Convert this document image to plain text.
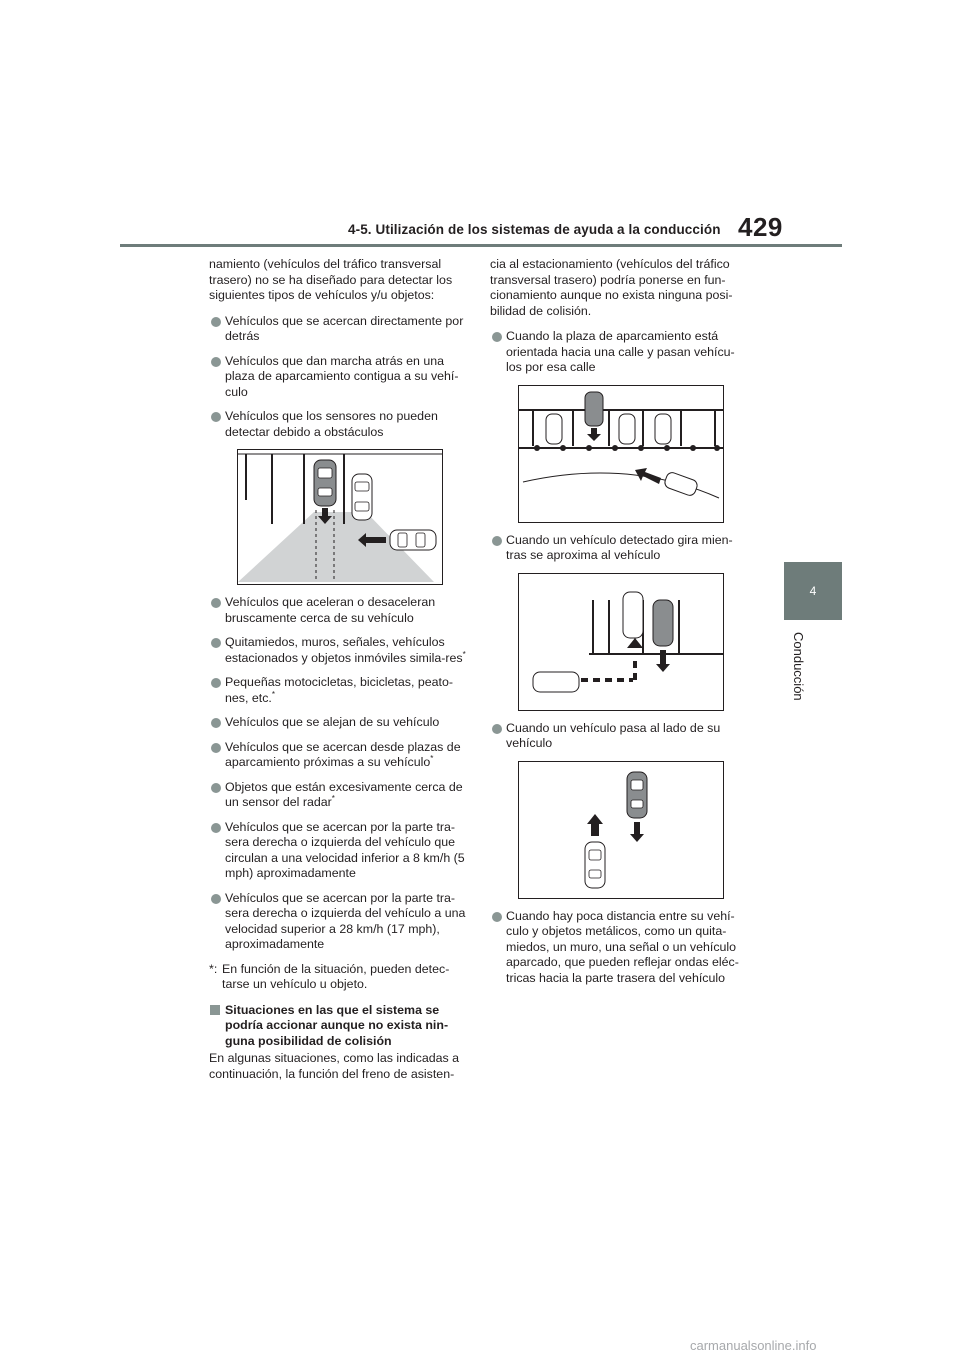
4-5. Utilización de los sistemas de ayuda a la conducción 429
4
Conducción

namiento (vehículos del tráfico transversal trasero) no se ha diseñado para detectar los siguientes tipos de vehículos y/u objetos:

Vehículos que se acercan directamente por detrás
Vehículos que dan marcha atrás en una plaza de aparcamiento contigua a su vehí-culo
Vehículos que los sensores no pueden detectar debido a obstáculos
Vehículos que aceleran o desaceleran bruscamente cerca de su vehículo
Quitamiedos, muros, señales, vehículos estacionados y objetos inmóviles simila-res*
Pequeñas motocicletas, bicicletas, peato-nes, etc.*
Vehículos que se alejan de su vehículo
Vehículos que se acercan desde plazas de aparcamiento próximas a su vehículo*
Objetos que están excesivamente cerca de un sensor del radar*
Vehículos que se acercan por la parte tra-sera derecha o izquierda del vehículo que circulan a una velocidad inferior a 8 km/h (5 mph) aproximadamente
Vehículos que se acercan por la parte tra-sera derecha o izquierda del vehículo a una velocidad superior a 28 km/h (17 mph), aproximadamente
*: En función de la situación, pueden detec-tarse un vehículo u objeto.
Situaciones en las que el sistema se podría accionar aunque no exista nin-guna posibilidad de colisión

En algunas situaciones, como las indicadas a continuación, la función del freno de asisten-

cia al estacionamiento (vehículos del tráfico transversal trasero) podría ponerse en fun-cionamiento aunque no exista ninguna posi-bilidad de colisión.

Cuando la plaza de aparcamiento está orientada hacia una calle y pasan vehícu-los por esa calle
Cuando un vehículo detectado gira mien-tras se aproxima al vehículo
Cuando un vehículo pasa al lado de su vehículo
Cuando hay poca distancia entre su vehí-culo y objetos metálicos, como un quita-miedos, un muro, una señal o un vehículo aparcado, que pueden reflejar ondas eléc-tricas hacia la parte trasera del vehículo
carmanualsonline.info
